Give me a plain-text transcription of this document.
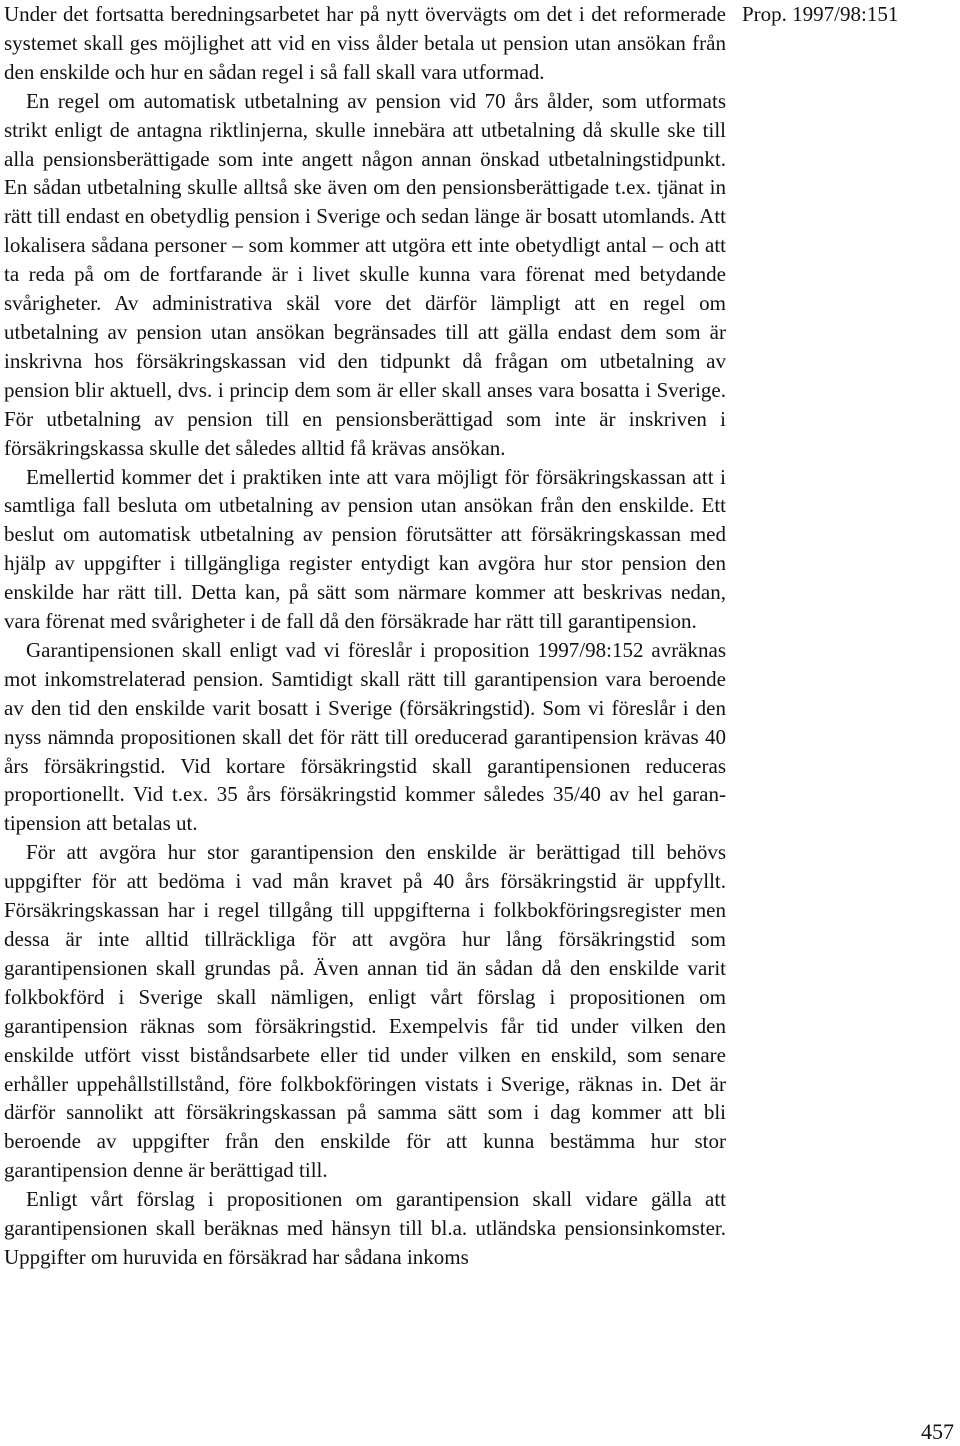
Under det fortsatta beredningsarbetet har på nytt övervägts om det i det reformerade systemet skall ges möjlighet att vid en viss ålder betala ut pension utan ansökan från den enskilde och hur en sådan regel i så fall skall vara utformad.

En regel om automatisk utbetalning av pension vid 70 års ålder, som utformats strikt enligt de antagna riktlinjerna, skulle innebära att utbetalning då skulle ske till alla pensionsberättigade som inte angett någon annan önskad utbetalningstidpunkt. En sådan utbetalning skulle alltså ske även om den pensionsberättigade t.ex. tjänat in rätt till endast en obetydlig pension i Sverige och sedan länge är bosatt utomlands. Att lokalisera sådana personer – som kommer att utgöra ett inte obetydligt antal – och att ta reda på om de fortfarande är i livet skulle kunna vara förenat med betydande svårigheter. Av administrativa skäl vore det därför lämpligt att en regel om utbetalning av pension utan ansökan begränsades till att gälla endast dem som är inskrivna hos försäkringskassan vid den tidpunkt då frågan om utbetalning av pension blir aktuell, dvs. i princip dem som är eller skall anses vara bosatta i Sverige. För utbetalning av pension till en pensionsberättigad som inte är inskriven i försäkringskassa skulle det således alltid få krävas ansökan.

Emellertid kommer det i praktiken inte att vara möjligt för försäkringskassan att i samtliga fall besluta om utbetalning av pension utan ansökan från den enskilde. Ett beslut om automatisk utbetalning av pension förutsätter att försäkringskassan med hjälp av uppgifter i tillgängliga register entydigt kan avgöra hur stor pension den enskilde har rätt till. Detta kan, på sätt som närmare kommer att beskrivas nedan, vara förenat med svårigheter i de fall då den försäkrade har rätt till garantipension.

Garantipensionen skall enligt vad vi föreslår i proposition 1997/98:152 avräknas mot inkomstrelaterad pension. Samtidigt skall rätt till garantipension vara beroende av den tid den enskilde varit bosatt i Sverige (försäkringstid). Som vi föreslår i den nyss nämnda propositionen skall det för rätt till oreducerad garantipension krävas 40 års försäkringstid. Vid kortare försäkringstid skall garantipensionen reduceras proportionellt. Vid t.ex. 35 års försäkringstid kommer således 35/40 av hel garantipension att betalas ut.

För att avgöra hur stor garantipension den enskilde är berättigad till behövs uppgifter för att bedöma i vad mån kravet på 40 års försäkringstid är uppfyllt. Försäkringskassan har i regel tillgång till uppgifterna i folkbokföringsregister men dessa är inte alltid tillräckliga för att avgöra hur lång försäkringstid som garantipensionen skall grundas på. Även annan tid än sådan då den enskilde varit folkbokförd i Sverige skall nämligen, enligt vårt förslag i propositionen om garantipension räknas som försäkringstid. Exempelvis får tid under vilken den enskilde utfört visst biståndsarbete eller tid under vilken en enskild, som senare erhåller uppehållstillstånd, före folkbokföringen vistats i Sverige, räknas in. Det är därför sannolikt att försäkringskassan på samma sätt som i dag kommer att bli beroende av uppgifter från den enskilde för att kunna bestämma hur stor garantipension denne är berättigad till.

Enligt vårt förslag i propositionen om garantipension skall vidare gälla att garantipensionen skall beräknas med hänsyn till bl.a. utländska pensionsinkomster. Uppgifter om huruvida en försäkrad har sådana inkoms

Prop. 1997/98:151
457
